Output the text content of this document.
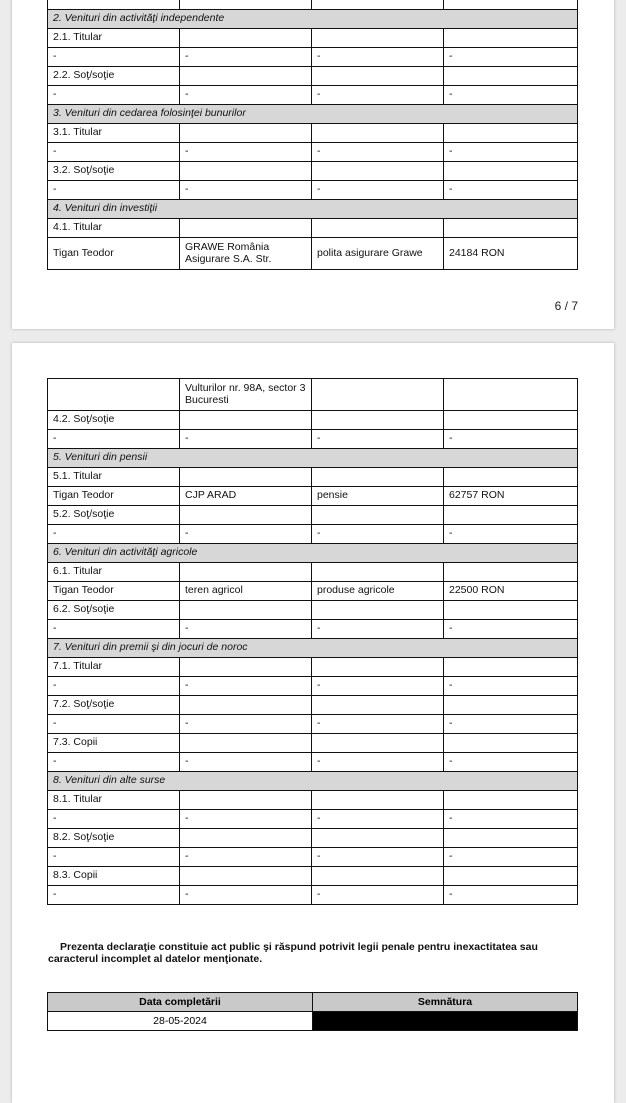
2. Venituri din activităţi independente			
2.1. Titular			
-	-	-	-
2.2. Soţ/soţie			
-	-	-	-
3. Venituri din cedarea folosinţei bunurilor			
3.1. Titular			
-	-	-	-
3.2. Soţ/soţie			
-	-	-	-
4. Venituri din investiţii			
4.1. Titular			
Tigan Teodor	GRAWE România Asigurare S.A. Str.	polita asigurare Grawe	24184 RON
6 / 7
	Vulturilor nr. 98A, sector 3 Bucuresti		
4.2. Soţ/soţie			
-	-	-	-
5. Venituri din pensii			
5.1. Titular			
Tigan Teodor	CJP ARAD	pensie	62757 RON
5.2. Soţ/soţie			
-	-	-	-
6. Venituri din activităţi agricole			
6.1. Titular			
Tigan Teodor	teren agricol	produse agricole	22500 RON
6.2. Soţ/soţie			
-	-	-	-
7. Venituri din premii şi din jocuri de noroc			
7.1. Titular			
-	-	-	-
7.2. Soţ/soţie			
-	-	-	-
7.3. Copii			
-	-	-	-
8. Venituri din alte surse			
8.1. Titular			
-	-	-	-
8.2. Soţ/soţie			
-	-	-	-
8.3. Copii			
-	-	-	-
Prezenta declaraţie constituie act public şi răspund potrivit legii penale pentru inexactitatea sau caracterul incomplet al datelor menţionate.
Data completării	Semnătura
28-05-2024	
